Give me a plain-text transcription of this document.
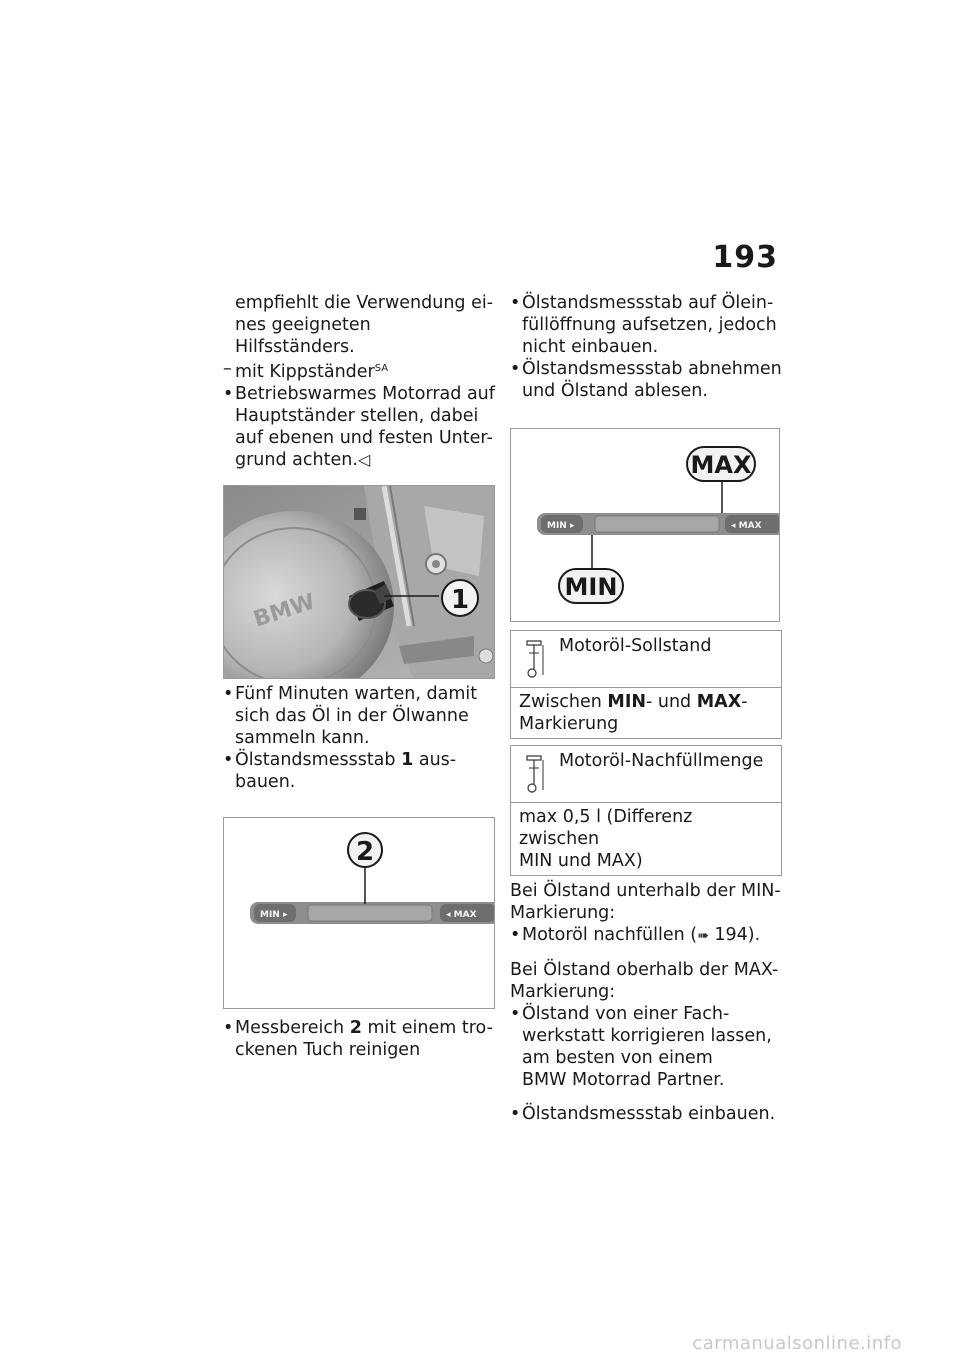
193
empfiehlt die Verwendung ei-
nes geeigneten Hilfsständers.
– mit Kippständer$^{SA}$
• Betriebswarmes Motorrad auf
Hauptständer stellen, dabei
auf ebenen und festen Unter-
grund achten.◁
BMW	1
• Fünf Minuten warten, damit
sich das Öl in der Ölwanne
sammeln kann.
• Ölstandsmessstab 1 aus-
bauen.
MIN ▸	◂ MAX
2
• Messbereich 2 mit einem tro-
ckenen Tuch reinigen
• Ölstandsmessstab auf Ölein-
füllöffnung aufsetzen, jedoch
nicht einbauen.
• Ölstandsmessstab abnehmen
und Ölstand ablesen.
MIN ▸	◂ MAX
MAX
MIN
Motoröl-Sollstand
Zwischen MIN- und MAX-
Markierung
Motoröl-Nachfüllmenge
max 0,5 l (Differenz zwischen
MIN und MAX)
Bei Ölstand unterhalb der MIN-
Markierung:
• Motoröl nachfüllen (➠ 194).
Bei Ölstand oberhalb der MAX-
Markierung:
• Ölstand von einer Fach-
werkstatt korrigieren lassen,
am besten von einem
BMW Motorrad Partner.
• Ölstandsmessstab einbauen.
carmanualsonline.info
